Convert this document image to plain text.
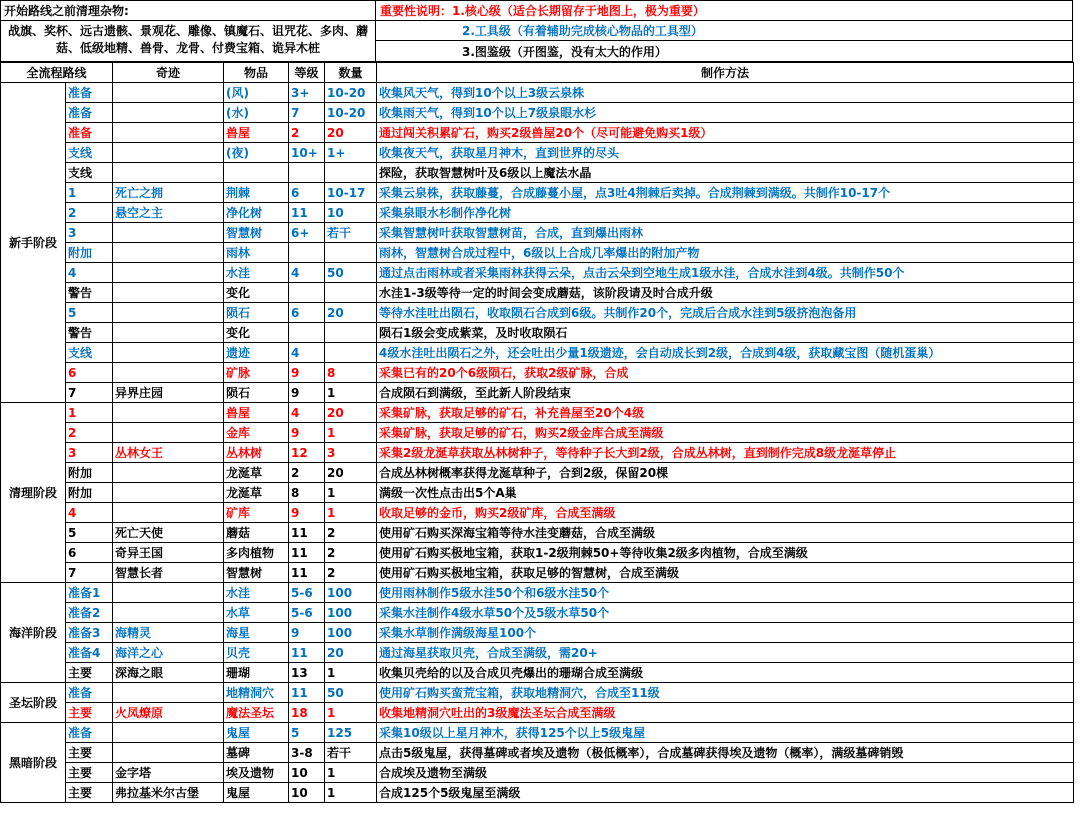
开始路线之前清理杂物:
战旗、奖杯、远古遗骸、景观花、雕像、镇魔石、诅咒花、多肉、蘑菇、低级地精、兽骨、龙骨、付费宝箱、诡异木桩
重要性说明：1.核心级（适合长期留存于地图上，极为重要）
2.工具级（有着辅助完成核心物品的工具型）
3.图鉴级（开图鉴，没有太大的作用）
全流程路线		奇迹	物品	等级	数量	制作方法
新手阶段	准备		(风)	3+	10-20	收集风天气，得到10个以上3级云泉株
	准备		(水)	7	10-20	收集雨天气，得到10个以上7级泉眼水杉
	准备		兽屋	2	20	通过闯关积累矿石，购买2级兽屋20个（尽可能避免购买1级）
	支线		(夜)	10+	1+	收集夜天气，获取星月神木，直到世界的尽头
	支线					探险，获取智慧树叶及6级以上魔法水晶
	1	死亡之拥	荆棘	6	10-17	采集云泉株，获取藤蔓，合成藤蔓小屋，点3吐4荆棘后卖掉。合成荆棘到满级。共制作10-17个
	2	悬空之主	净化树	11	10	采集泉眼水杉制作净化树
	3		智慧树	6+	若干	采集智慧树叶获取智慧树苗，合成，直到爆出雨林
	附加		雨林			雨林，智慧树合成过程中，6级以上合成几率爆出的附加产物
	4		水洼	4	50	通过点击雨林或者采集雨林获得云朵，点击云朵到空地生成1级水洼，合成水洼到4级。共制作50个
	警告		变化			水洼1-3级等待一定的时间会变成蘑菇，该阶段请及时合成升级
	5		陨石	6	20	等待水洼吐出陨石，收取陨石合成到6级。共制作20个，完成后合成水洼到5级挤泡泡备用
	警告		变化			陨石1级会变成紫菜，及时收取陨石
	支线		遗迹	4		4级水洼吐出陨石之外，还会吐出少量1级遗迹，会自动成长到2级，合成到4级，获取藏宝图（随机蛋巢）
	6		矿脉	9	8	采集已有的20个6级陨石，获取2级矿脉，合成
	7	异界庄园	陨石	9	1	合成陨石到满级，至此新人阶段结束
清理阶段	1		兽屋	4	20	采集矿脉，获取足够的矿石，补充兽屋至20个4级
	2		金库	9	1	采集矿脉，获取足够的矿石，购买2级金库合成至满级
	3	丛林女王	丛林树	12	3	采集2级龙涎草获取丛林树种子，等待种子长大到2级，合成丛林树，直到制作完成8级龙涎草停止
	附加		龙涎草	2	20	合成丛林树概率获得龙涎草种子，合到2级，保留20棵
	附加		龙涎草	8	1	满级一次性点击出5个A巢
	4		矿库	9	1	收取足够的金币，购买2级矿库，合成至满级
	5	死亡天使	蘑菇	11	2	使用矿石购买深海宝箱等待水洼变蘑菇，合成至满级
	6	奇异王国	多肉植物	11	2	使用矿石购买极地宝箱，获取1-2级荆棘50+等待收集2级多肉植物，合成至满级
	7	智慧长者	智慧树	11	2	使用矿石购买极地宝箱，获取足够的智慧树，合成至满级
海洋阶段	准备1		水洼	5-6	100	使用雨林制作5级水洼50个和6级水洼50个
	准备2		水草	5-6	100	采集水洼制作4级水草50个及5级水草50个
	准备3	海精灵	海星	9	100	采集水草制作满级海星100个
	准备4	海洋之心	贝壳	11	20	通过海星获取贝壳，合成至满级，需20+
	主要	深海之眼	珊瑚	13	1	收集贝壳给的以及合成贝壳爆出的珊瑚合成至满级
圣坛阶段	准备		地精洞穴	11	50	使用矿石购买蛮荒宝箱，获取地精洞穴，合成至11级
	主要	火凤燎原	魔法圣坛	18	1	收集地精洞穴吐出的3级魔法圣坛合成至满级
黑暗阶段	准备		鬼屋	5	125	采集10级以上星月神木，获得125个以上5级鬼屋
	主要		墓碑	3-8	若干	点击5级鬼屋，获得墓碑或者埃及遗物（极低概率），合成墓碑获得埃及遗物（概率），满级墓碑销毁
	主要	金字塔	埃及遗物	10	1	合成埃及遗物至满级
	主要	弗拉基米尔古堡	鬼屋	10	1	合成125个5级鬼屋至满级
